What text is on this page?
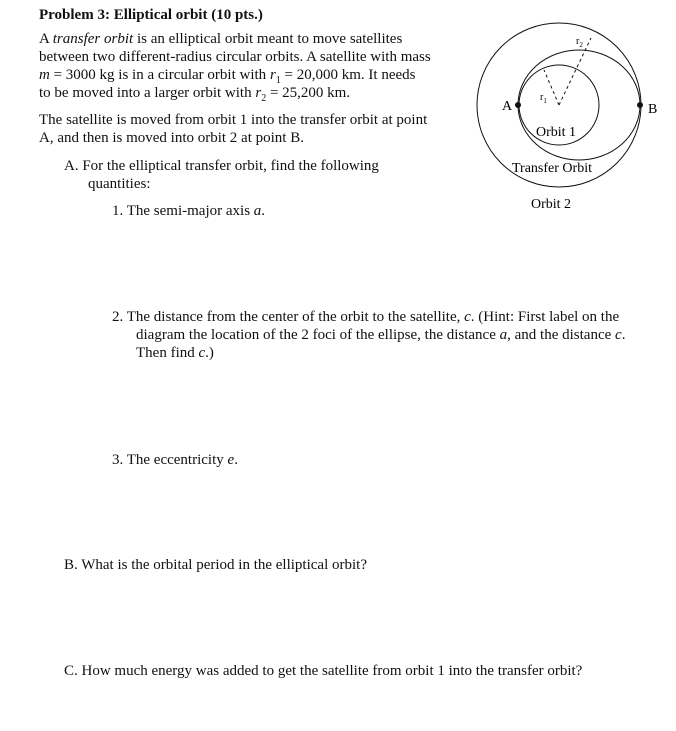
Problem 3: Elliptical orbit (10 pts.)
A transfer orbit is an elliptical orbit meant to move satellites
between two different-radius circular orbits. A satellite with mass
m = 3000 kg is in a circular orbit with $r_1 = 20,000$ km. It needs
to be moved into a larger orbit with $r_2 = 25,200$ km.
The satellite is moved from orbit 1 into the transfer orbit at point
A, and then is moved into orbit 2 at point B.
A. For the elliptical transfer orbit, find the following
quantities:
1. The semi-major axis a.
2. The distance from the center of the orbit to the satellite, c. (Hint: First label on the
diagram the location of the 2 foci of the ellipse, the distance a, and the distance c.
Then find c.)
3. The eccentricity e.
B. What is the orbital period in the elliptical orbit?
C. How much energy was added to get the satellite from orbit 1 into the transfer orbit?
A	B
$r_1$
$r_2$
Orbit 1
Transfer Orbit
Orbit 2
